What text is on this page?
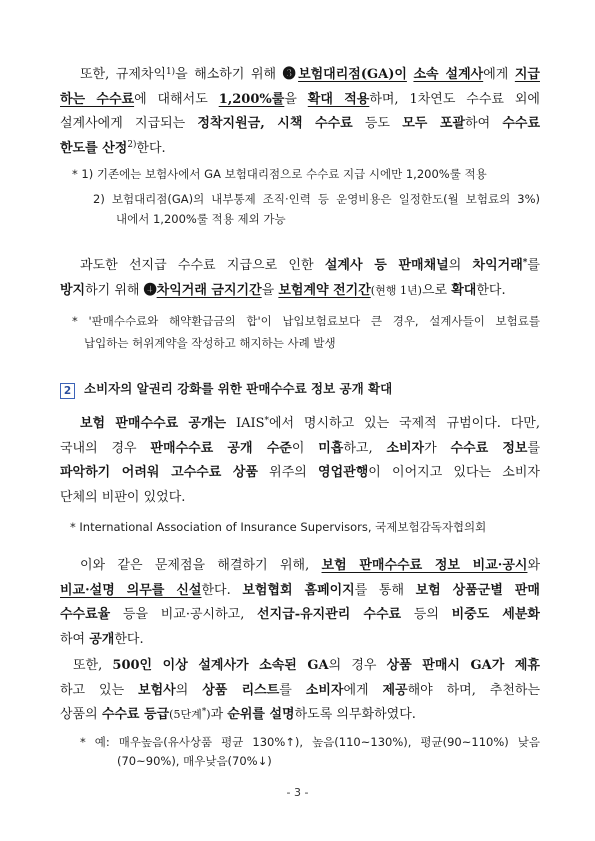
또한, 규제차익$^{1)}$을 해소하기 위해 ❸보험대리점(GA)이 소속 설계사에게 지급
하는 수수료에 대해서도 1,200%룰을 확대 적용하며, 1차연도 수수료 외에
설계사에게 지급되는 정착지원금, 시책 수수료 등도 모두 포괄하여 수수료
한도를 산정$^{2)}$한다.
* 1) 기존에는 보험사에서 GA 보험대리점으로 수수료 지급 시에만 1,200%룰 적용
2) 보험대리점(GA)의 내부통제 조직·인력 등 운영비용은 일정한도(월 보험료의 3%)
내에서 1,200%룰 적용 제외 가능
과도한 선지급 수수료 지급으로 인한 설계사 등 판매채널의 차익거래*를
방지하기 위해 ❹차익거래 금지기간을 보험계약 전기간(현행 1년)으로 확대한다.
* '판매수수료와 해약환급금의 합'이 납입보험료보다 큰 경우, 설계사들이 보험료를
납입하는 허위계약을 작성하고 해지하는 사례 발생
2 소비자의 알권리 강화를 위한 판매수수료 정보 공개 확대
보험 판매수수료 공개는 IAIS*에서 명시하고 있는 국제적 규범이다. 다만,
국내의 경우 판매수수료 공개 수준이 미흡하고, 소비자가 수수료 정보를
파악하기 어려워 고수수료 상품 위주의 영업관행이 이어지고 있다는 소비자
단체의 비판이 있었다.
* International Association of Insurance Supervisors, 국제보험감독자협의회
이와 같은 문제점을 해결하기 위해, 보험 판매수수료 정보 비교·공시와
비교·설명 의무를 신설한다. 보험협회 홈페이지를 통해 보험 상품군별 판매
수수료율 등을 비교·공시하고, 선지급-유지관리 수수료 등의 비중도 세분화
하여 공개한다.
또한, 500인 이상 설계사가 소속된 GA의 경우 상품 판매시 GA가 제휴
하고 있는 보험사의 상품 리스트를 소비자에게 제공해야 하며, 추천하는
상품의 수수료 등급(5단계*)과 순위를 설명하도록 의무화하였다.
* 예: 매우높음(유사상품 평균 130%↑), 높음(110~130%), 평균(90~110%) 낮음
(70~90%), 매우낮음(70%↓)
- 3 -
